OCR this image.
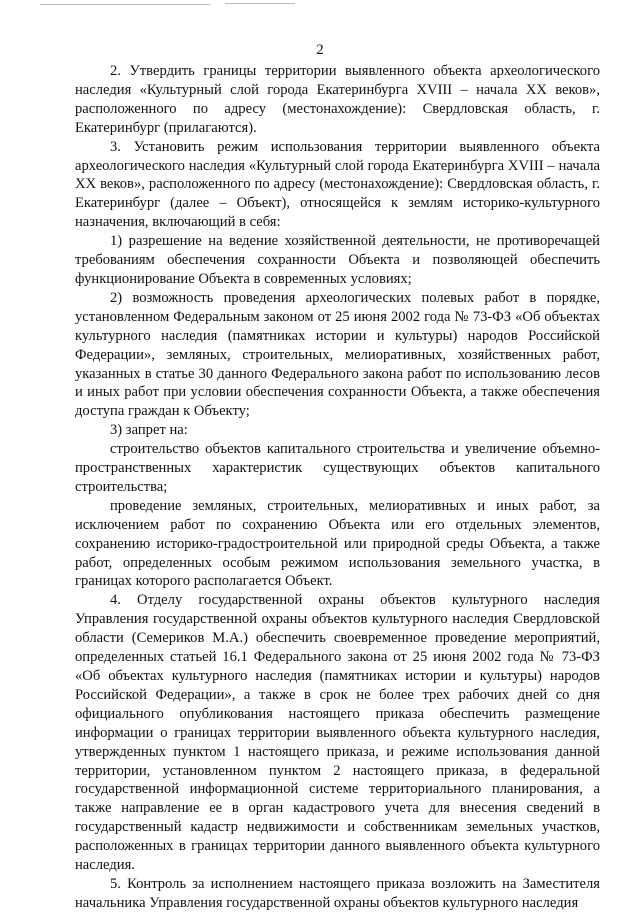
2

2. Утвердить границы территории выявленного объекта археологического наследия «Культурный слой города Екатеринбурга XVIII – начала XX веков», расположенного по адресу (местонахождение): Свердловская область, г. Екатеринбург (прилагаются).

3. Установить режим использования территории выявленного объекта археологического наследия «Культурный слой города Екатеринбурга XVIII – начала XX веков», расположенного по адресу (местонахождение): Свердловская область, г. Екатеринбург (далее – Объект), относящейся к землям историко-культурного назначения, включающий в себя:

1) разрешение на ведение хозяйственной деятельности, не противоречащей требованиям обеспечения сохранности Объекта и позволяющей обеспечить функционирование Объекта в современных условиях;

2) возможность проведения археологических полевых работ в порядке, установленном Федеральным законом от 25 июня 2002 года № 73-ФЗ «Об объектах культурного наследия (памятниках истории и культуры) народов Российской Федерации», земляных, строительных, мелиоративных, хозяйственных работ, указанных в статье 30 данного Федерального закона работ по использованию лесов и иных работ при условии обеспечения сохранности Объекта, а также обеспечения доступа граждан к Объекту;

3) запрет на:

строительство объектов капитального строительства и увеличение объемно-пространственных характеристик существующих объектов капитального строительства;

проведение земляных, строительных, мелиоративных и иных работ, за исключением работ по сохранению Объекта или его отдельных элементов, сохранению историко-градостроительной или природной среды Объекта, а также работ, определенных особым режимом использования земельного участка, в границах которого располагается Объект.

4. Отделу государственной охраны объектов культурного наследия Управления государственной охраны объектов культурного наследия Свердловской области (Семериков М.А.) обеспечить своевременное проведение мероприятий, определенных статьей 16.1 Федерального закона от 25 июня 2002 года № 73-ФЗ «Об объектах культурного наследия (памятниках истории и культуры) народов Российской Федерации», а также в срок не более трех рабочих дней со дня официального опубликования настоящего приказа обеспечить размещение информации о границах территории выявленного объекта культурного наследия, утвержденных пунктом 1 настоящего приказа, и режиме использования данной территории, установленном пунктом 2 настоящего приказа, в федеральной государственной информационной системе территориального планирования, а также направление ее в орган кадастрового учета для внесения сведений в государственный кадастр недвижимости и собственникам земельных участков, расположенных в границах территории данного выявленного объекта культурного наследия.

5. Контроль за исполнением настоящего приказа возложить на Заместителя начальника Управления государственной охраны объектов культурного наследия
